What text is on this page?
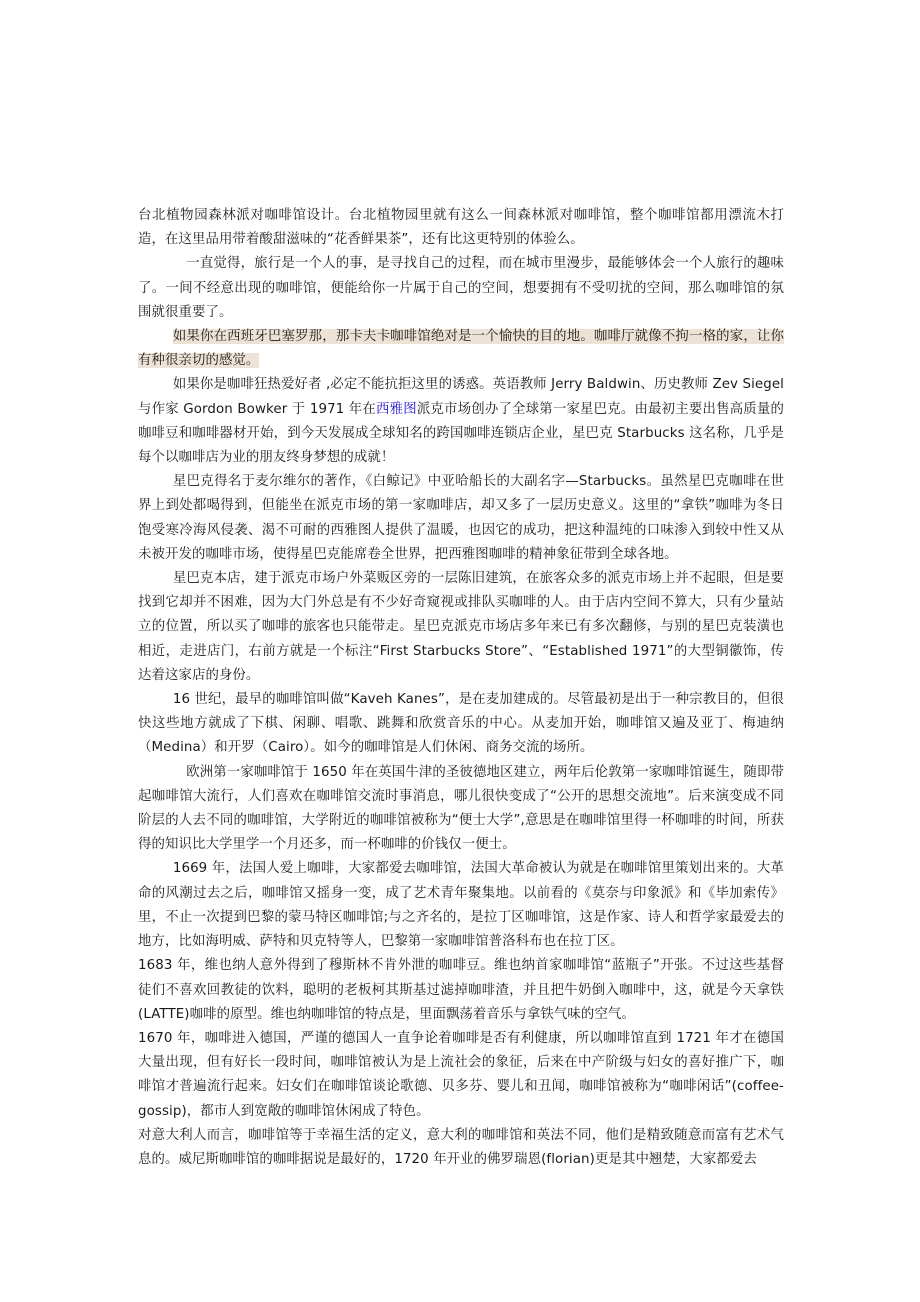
台北植物园森林派对咖啡馆设计。台北植物园里就有这么一间森林派对咖啡馆，整个咖啡馆都用漂流木打造，在这里品用带着酸甜滋味的“花香鲜果茶”，还有比这更特别的体验么。

一直觉得，旅行是一个人的事，是寻找自己的过程，而在城市里漫步，最能够体会一个人旅行的趣味了。一间不经意出现的咖啡馆，便能给你一片属于自己的空间，想要拥有不受叨扰的空间，那么咖啡馆的氛围就很重要了。

如果你在西班牙巴塞罗那，那卡夫卡咖啡馆绝对是一个愉快的目的地。咖啡厅就像不拘一格的家，让你有种很亲切的感觉。

如果你是咖啡狂热爱好者 ,必定不能抗拒这里的诱惑。英语教师 Jerry Baldwin、历史教师 Zev Siegel 与作家 Gordon Bowker 于 1971 年在西雅图派克市场创办了全球第一家星巴克。由最初主要出售高质量的咖啡豆和咖啡器材开始，到今天发展成全球知名的跨国咖啡连锁店企业，星巴克 Starbucks 这名称，几乎是每个以咖啡店为业的朋友终身梦想的成就！

星巴克得名于麦尔维尔的著作，《白鲸记》中亚哈船长的大副名字—Starbucks。虽然星巴克咖啡在世界上到处都喝得到，但能坐在派克市场的第一家咖啡店，却又多了一层历史意义。这里的“拿铁”咖啡为冬日饱受寒冷海风侵袭、渴不可耐的西雅图人提供了温暖，也因它的成功，把这种温纯的口味渗入到较中性又从未被开发的咖啡市场，使得星巴克能席卷全世界，把西雅图咖啡的精神象征带到全球各地。

星巴克本店，建于派克市场户外菜贩区旁的一层陈旧建筑，在旅客众多的派克市场上并不起眼，但是要找到它却并不困难，因为大门外总是有不少好奇窥视或排队买咖啡的人。由于店内空间不算大，只有少量站立的位置，所以买了咖啡的旅客也只能带走。星巴克派克市场店多年来已有多次翻修，与别的星巴克装潢也相近，走进店门，右前方就是一个标注“First Starbucks Store”、“Established 1971”的大型铜徽饰，传达着这家店的身份。

16 世纪，最早的咖啡馆叫做“Kaveh Kanes”，是在麦加建成的。尽管最初是出于一种宗教目的，但很快这些地方就成了下棋、闲聊、唱歌、跳舞和欣赏音乐的中心。从麦加开始，咖啡馆又遍及亚丁、梅迪纳（Medina）和开罗（Cairo）。如今的咖啡馆是人们休闲、商务交流的场所。

欧洲第一家咖啡馆于 1650 年在英国牛津的圣彼德地区建立，两年后伦敦第一家咖啡馆诞生，随即带起咖啡馆大流行，人们喜欢在咖啡馆交流时事消息，哪儿很快变成了“公开的思想交流地”。后来演变成不同阶层的人去不同的咖啡馆，大学附近的咖啡馆被称为“便士大学”,意思是在咖啡馆里得一杯咖啡的时间，所获得的知识比大学里学一个月还多，而一杯咖啡的价钱仅一便士。

1669 年，法国人爱上咖啡，大家都爱去咖啡馆，法国大革命被认为就是在咖啡馆里策划出来的。大革命的风潮过去之后，咖啡馆又摇身一变，成了艺术青年聚集地。以前看的《莫奈与印象派》和《毕加索传》里，不止一次提到巴黎的蒙马特区咖啡馆;与之齐名的，是拉丁区咖啡馆，这是作家、诗人和哲学家最爱去的地方，比如海明威、萨特和贝克特等人，巴黎第一家咖啡馆普洛科布也在拉丁区。

1683 年，维也纳人意外得到了穆斯林不肯外泄的咖啡豆。维也纳首家咖啡馆“蓝瓶子”开张。不过这些基督徒们不喜欢回教徒的饮料，聪明的老板柯其斯基过滤掉咖啡渣，并且把牛奶倒入咖啡中，这，就是今天拿铁(LATTE)咖啡的原型。维也纳咖啡馆的特点是，里面飘荡着音乐与拿铁气味的空气。

1670 年，咖啡进入德国，严谨的德国人一直争论着咖啡是否有利健康，所以咖啡馆直到 1721 年才在德国大量出现，但有好长一段时间，咖啡馆被认为是上流社会的象征，后来在中产阶级与妇女的喜好推广下，咖啡馆才普遍流行起来。妇女们在咖啡馆谈论歌德、贝多芬、婴儿和丑闻，咖啡馆被称为“咖啡闲话”(coffee-gossip)，都市人到宽敞的咖啡馆休闲成了特色。

对意大利人而言，咖啡馆等于幸福生活的定义，意大利的咖啡馆和英法不同，他们是精致随意而富有艺术气息的。威尼斯咖啡馆的咖啡据说是最好的，1720 年开业的佛罗瑞恩(florian)更是其中翘楚，大家都爱去
